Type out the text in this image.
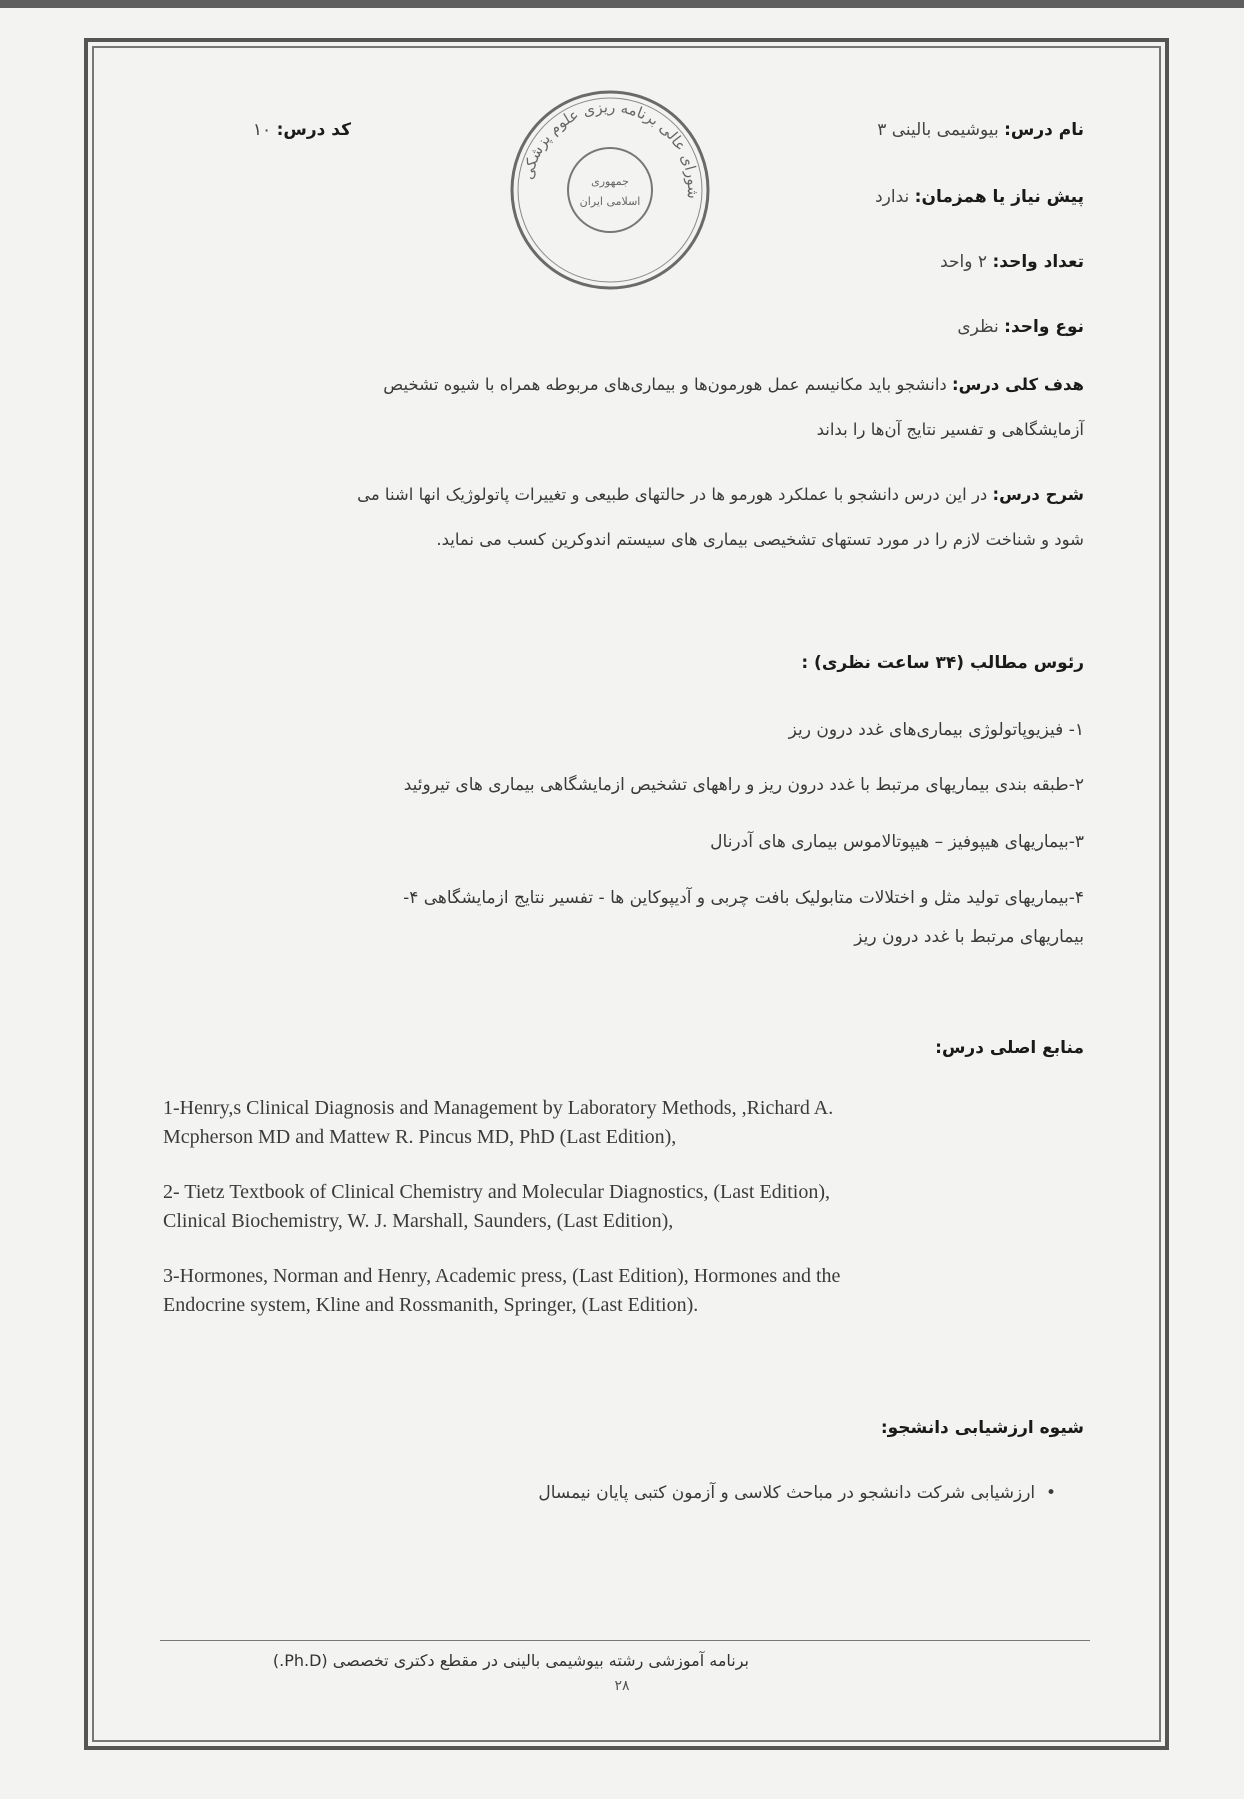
نام درس: بیوشیمی بالینی ۳
کد درس: ۱۰
پیش نیاز یا همزمان: ندارد
تعداد واحد: ۲ واحد
نوع واحد: نظری
شورای عالی برنامه ریزی علوم پزشکی
جمهوری
اسلامی ایران
هدف کلی درس: دانشجو باید مکانیسم عمل هورمون‌ها و بیماری‌های مربوطه همراه با شیوه تشخیص
آزمایشگاهی و تفسیر نتایج آن‌ها را بداند
شرح درس: در این درس دانشجو با عملکرد هورمو ها در حالتهای طبیعی و تغییرات پاتولوژیک انها اشنا می
شود و شناخت لازم را در مورد تستهای تشخیصی بیماری های سیستم اندوکرین کسب می نماید.
رئوس مطالب (۳۴ ساعت نظری) :
۱- فیزیوپاتولوژی بیماری‌های غدد درون ریز
۲-طبقه بندی بیماریهای مرتبط با غدد درون ریز و راههای تشخیص ازمایشگاهی بیماری های تیروئید
۳-بیماریهای هیپوفیز – هیپوتالاموس بیماری های آدرنال
۴-بیماریهای تولید مثل و اختلالات متابولیک بافت چربی و آدیپوکاین ها - تفسیر نتایج ازمایشگاهی ۴-
بیماریهای مرتبط با غدد درون ریز
منابع اصلی درس:
1-Henry,s Clinical Diagnosis and Management by Laboratory Methods, ,Richard A.
Mcpherson MD and Mattew R. Pincus MD, PhD (Last Edition),
2- Tietz Textbook of Clinical Chemistry and Molecular Diagnostics, (Last Edition),
Clinical Biochemistry, W. J. Marshall, Saunders, (Last Edition),
3-Hormones, Norman and Henry, Academic press, (Last Edition), Hormones and the
Endocrine system, Kline and Rossmanith, Springer, (Last Edition).
شیوه ارزشیابی دانشجو:
•  ارزشیابی شرکت دانشجو در مباحث کلاسی و آزمون کتبی پایان نیمسال
برنامه آموزشی رشته بیوشیمی بالینی در مقطع دکتری تخصصی (Ph.D.)
۲۸
